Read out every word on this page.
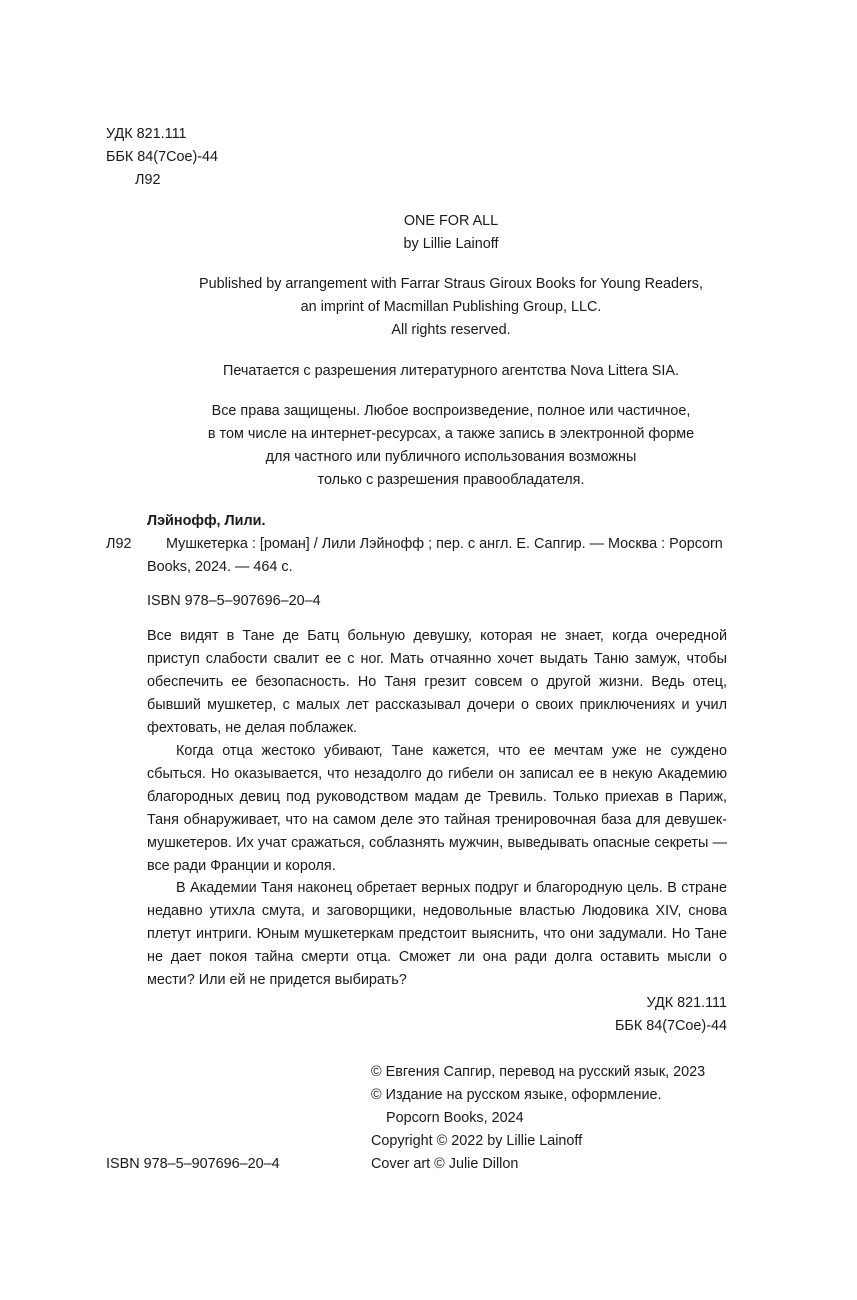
УДК 821.111
ББК 84(7Сое)-44
Л92
ONE FOR ALL
by Lillie Lainoff
Published by arrangement with Farrar Straus Giroux Books for Young Readers,
an imprint of Macmillan Publishing Group, LLC.
All rights reserved.
Печатается с разрешения литературного агентства Nova Littera SIA.
Все права защищены. Любое воспроизведение, полное или частичное,
в том числе на интернет-ресурсах, а также запись в электронной форме
для частного или публичного использования возможны
только с разрешения правообладателя.
Лэйнофф, Лили.
Л92 Мушкетерка : [роман] / Лили Лэйнофф ; пер. с англ. Е. Сапгир. — Москва : Popcorn
Books, 2024. — 464 с.
ISBN 978–5–907696–20–4

Все видят в Тане де Батц больную девушку, которая не знает, когда очередной приступ слабости свалит ее с ног. Мать отчаянно хочет выдать Таню замуж, чтобы обеспечить ее безопасность. Но Таня грезит совсем о другой жизни. Ведь отец, бывший мушкетер, с малых лет рассказывал дочери о своих приключениях и учил фехтовать, не делая поблажек.

Когда отца жестоко убивают, Тане кажется, что ее мечтам уже не суждено сбыться. Но оказывается, что незадолго до гибели он записал ее в некую Академию благородных девиц под руководством мадам де Тревиль. Только приехав в Париж, Таня обнаруживает, что на самом деле это тайная тренировочная база для девушек-мушкетеров. Их учат сражаться, соблазнять мужчин, выведывать опасные секреты — все ради Франции и короля.

В Академии Таня наконец обретает верных подруг и благородную цель. В стране недавно утихла смута, и заговорщики, недовольные властью Людовика XIV, снова плетут интриги. Юным мушкетеркам предстоит выяснить, что они задумали. Но Тане не дает покоя тайна смерти отца. Сможет ли она ради долга оставить мысли о мести? Или ей не придется выбирать?

УДК 821.111
ББК 84(7Сое)-44
© Евгения Сапгир, перевод на русский язык, 2023
© Издание на русском языке, оформление.
Popcorn Books, 2024
Copyright © 2022 by Lillie Lainoff
ISBN 978–5–907696–20–4	Cover art © Julie Dillon
